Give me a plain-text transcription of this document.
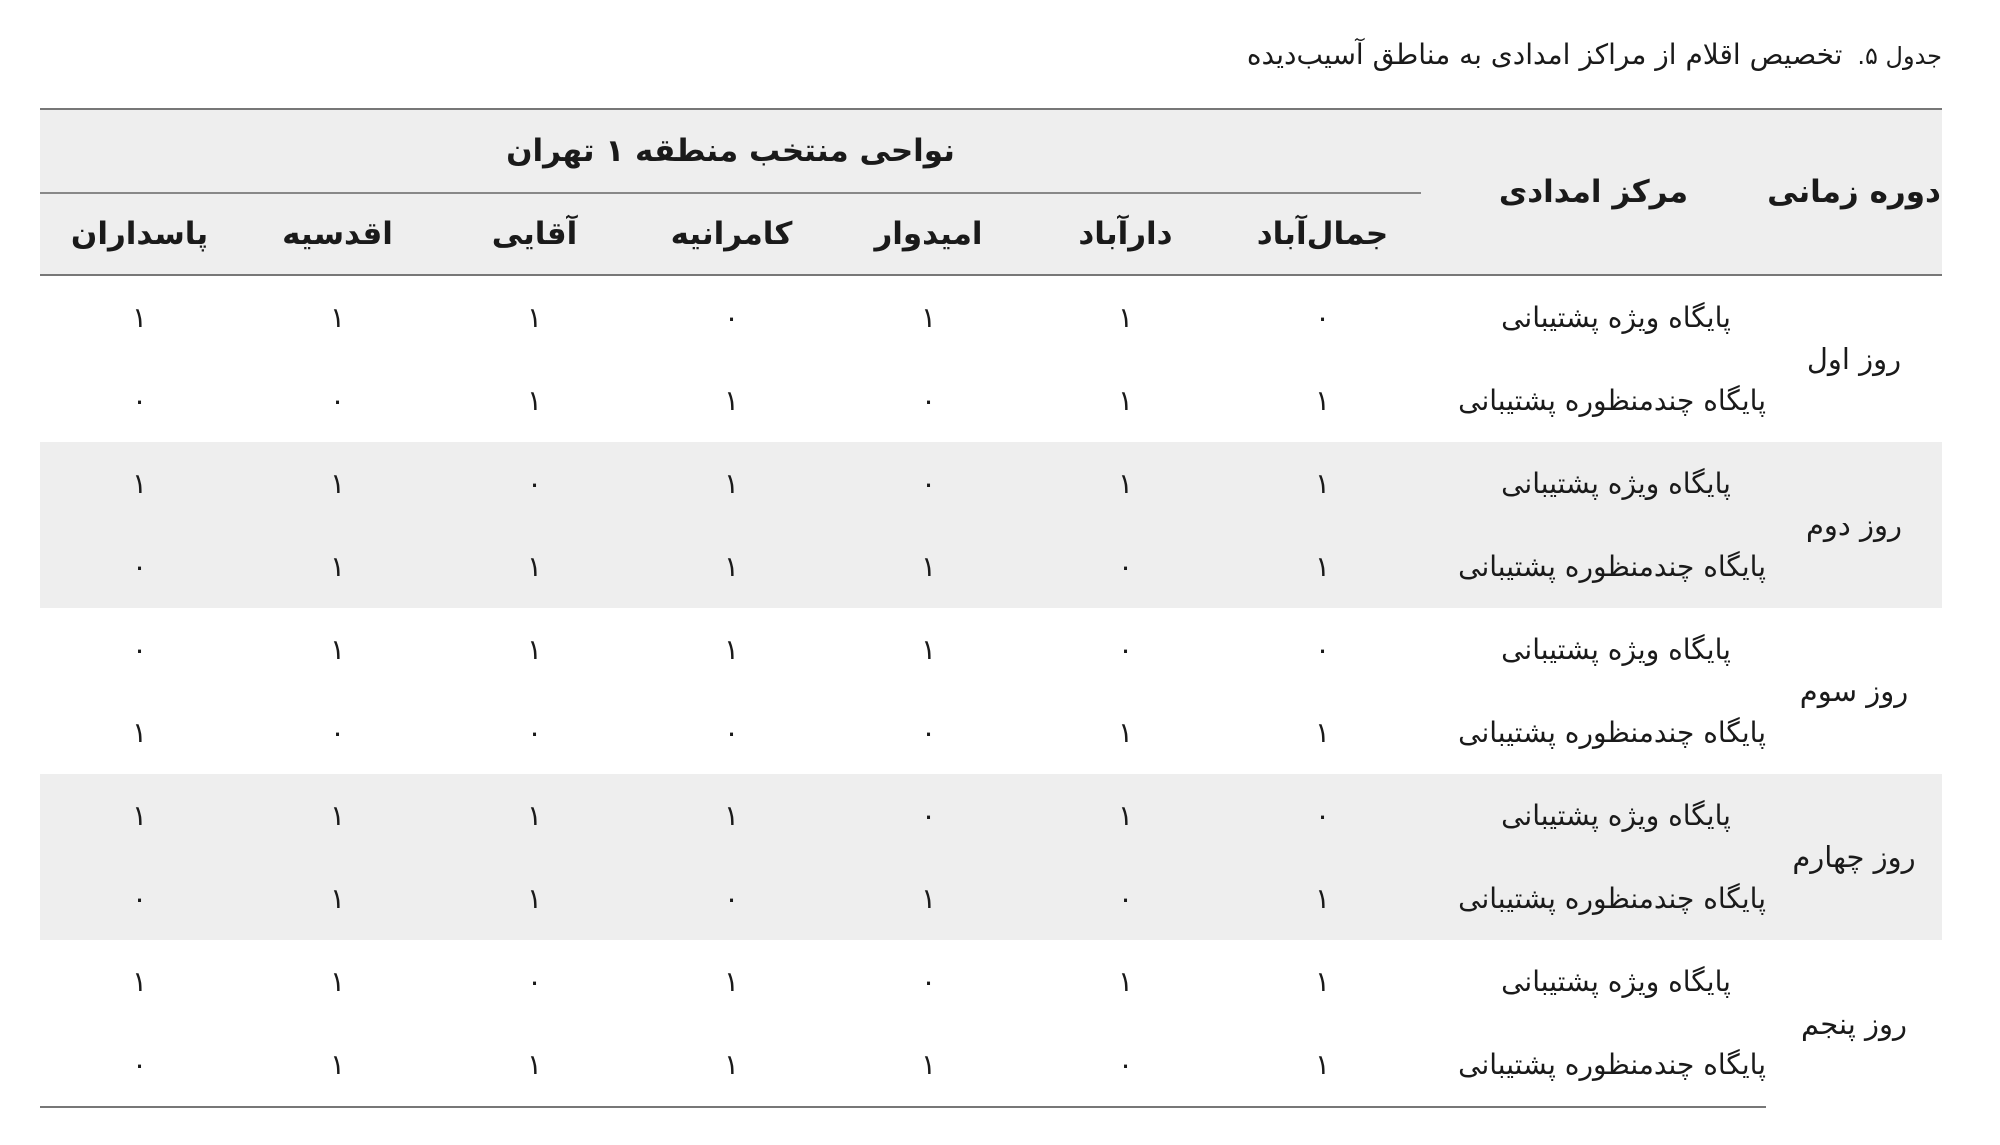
جدول ۵. تخصیص اقلام از مراکز امدادی به مناطق آسیب‌دیده
دوره زمانی	مرکز امدادی	نواحی منتخب منطقه ۱ تهران						
		جمال‌آباد	دارآباد	امیدوار	کامرانیه	آقایی	اقدسیه	پاسداران
روز اول	پایگاه ویژه پشتیبانی	۰	۱	۱	۰	۱	۱	۱
	پایگاه چندمنظوره پشتیبانی	۱	۱	۰	۱	۱	۰	۰
روز دوم	پایگاه ویژه پشتیبانی	۱	۱	۰	۱	۰	۱	۱
	پایگاه چندمنظوره پشتیبانی	۱	۰	۱	۱	۱	۱	۰
روز سوم	پایگاه ویژه پشتیبانی	۰	۰	۱	۱	۱	۱	۰
	پایگاه چندمنظوره پشتیبانی	۱	۱	۰	۰	۰	۰	۱
روز چهارم	پایگاه ویژه پشتیبانی	۰	۱	۰	۱	۱	۱	۱
	پایگاه چندمنظوره پشتیبانی	۱	۰	۱	۰	۱	۱	۰
روز پنجم	پایگاه ویژه پشتیبانی	۱	۱	۰	۱	۰	۱	۱
	پایگاه چندمنظوره پشتیبانی	۱	۰	۱	۱	۱	۱	۰
